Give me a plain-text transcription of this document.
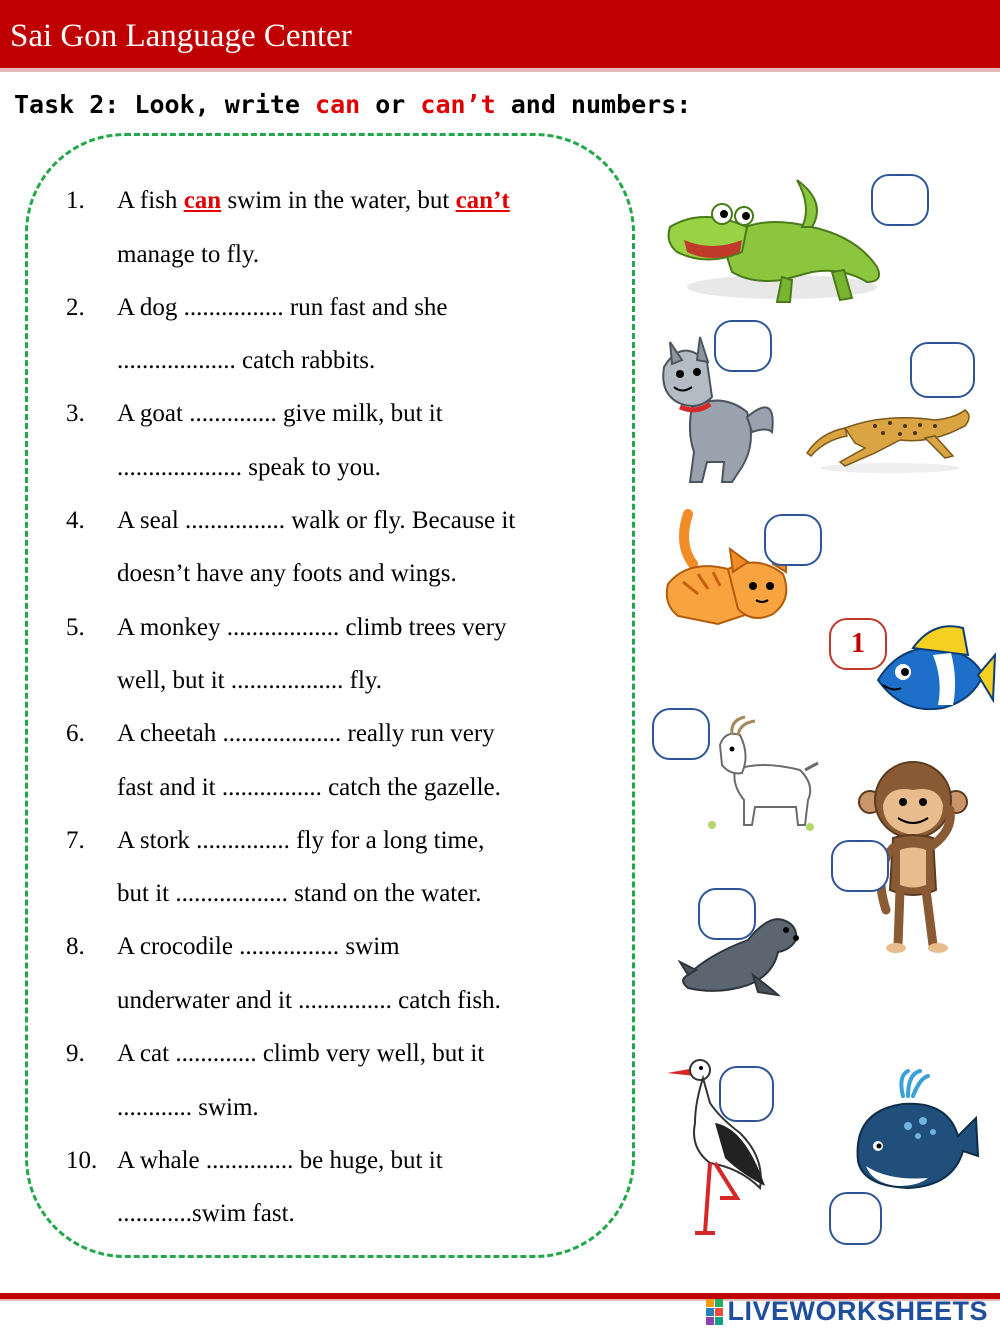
Sai Gon Language Center
Task 2: Look, write can or can’t and numbers:
1. A fish can swim in the water, but can’t
manage to fly.
2. A dog ................ run fast and she
................... catch rabbits.
3. A goat .............. give milk, but it
.................... speak to you.
4. A seal ................ walk or fly. Because it
doesn’t have any foots and wings.
5. A monkey .................. climb trees very
well, but it .................. fly.
6. A cheetah ................... really run very
fast and it ................ catch the gazelle.
7. A stork ............... fly for a long time,
but it .................. stand on the water.
8. A crocodile ................ swim
underwater and it ............... catch fish.
9. A cat ............. climb very well, but it
............ swim.
10. A whale .............. be huge, but it
............swim fast.
1
LIVEWORKSHEETS
